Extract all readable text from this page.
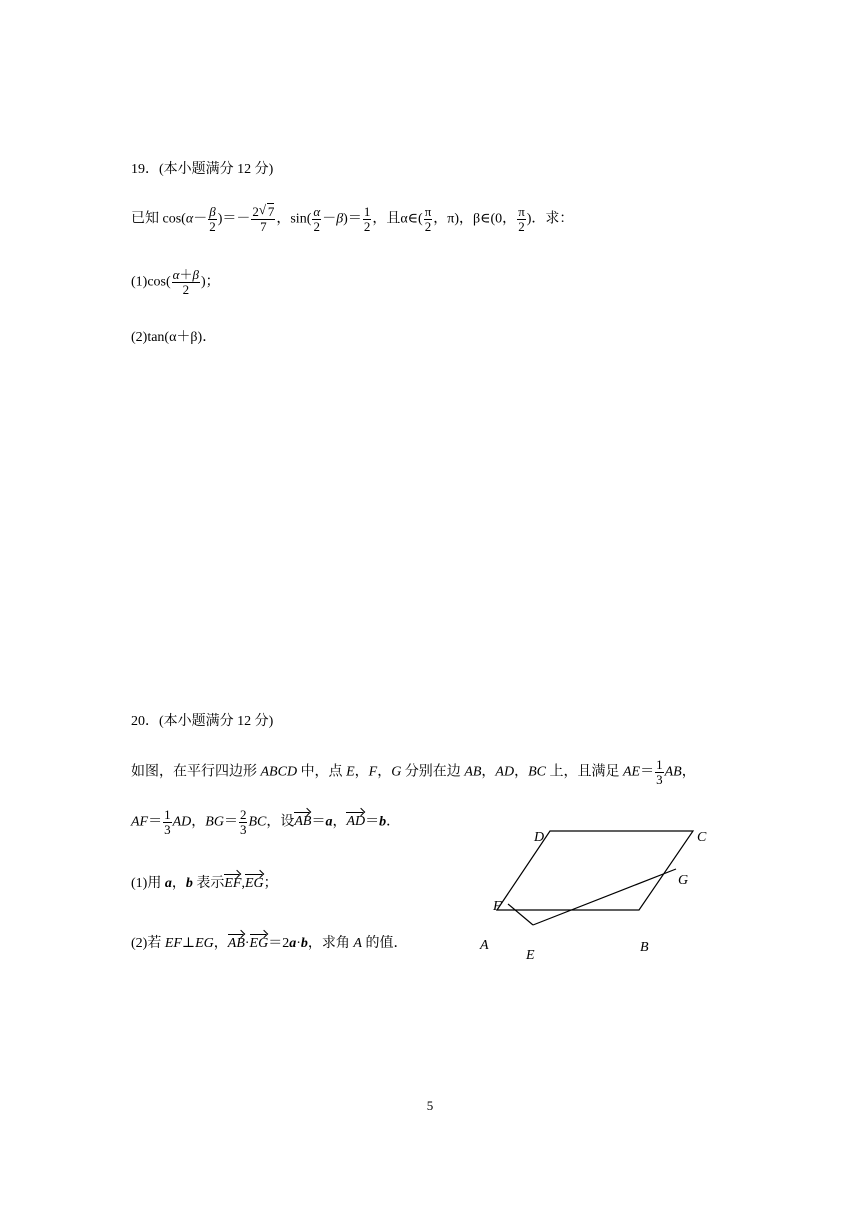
19．(本小题满分 12 分)
已知 $\cos(\alpha- \frac{\beta}{2}$ )＝－ $\frac{2√ 7}{7}$ ，$\sin( \frac{\alpha}{2} -\beta)= \frac{1}{2}$ ，且α∈( $\frac{\pi}{2}$ ，π)，β∈(0， $\frac{\pi}{2}$ )．求：
$(1)\cos( \frac{\alpha+\beta}{2}$ )；
(2)tan(α＋β)．
20．(本小题满分 12 分)
如图，在平行四边形 ABCD 中，点 E，F，G 分别在边 AB，AD，BC 上，且满足 $AE= \frac{1}{3}$ AB，
$AF= \frac{1}{3}$ AD，$BG= \frac{2}{3}$ BC，设AB＝a，AD＝b．
(1)用 a，b 表示EF,EG；
(2)若 EF⊥EG，AB·EG＝2a·b，求角 A 的值．
D	C
G
F
A
E
B
5
